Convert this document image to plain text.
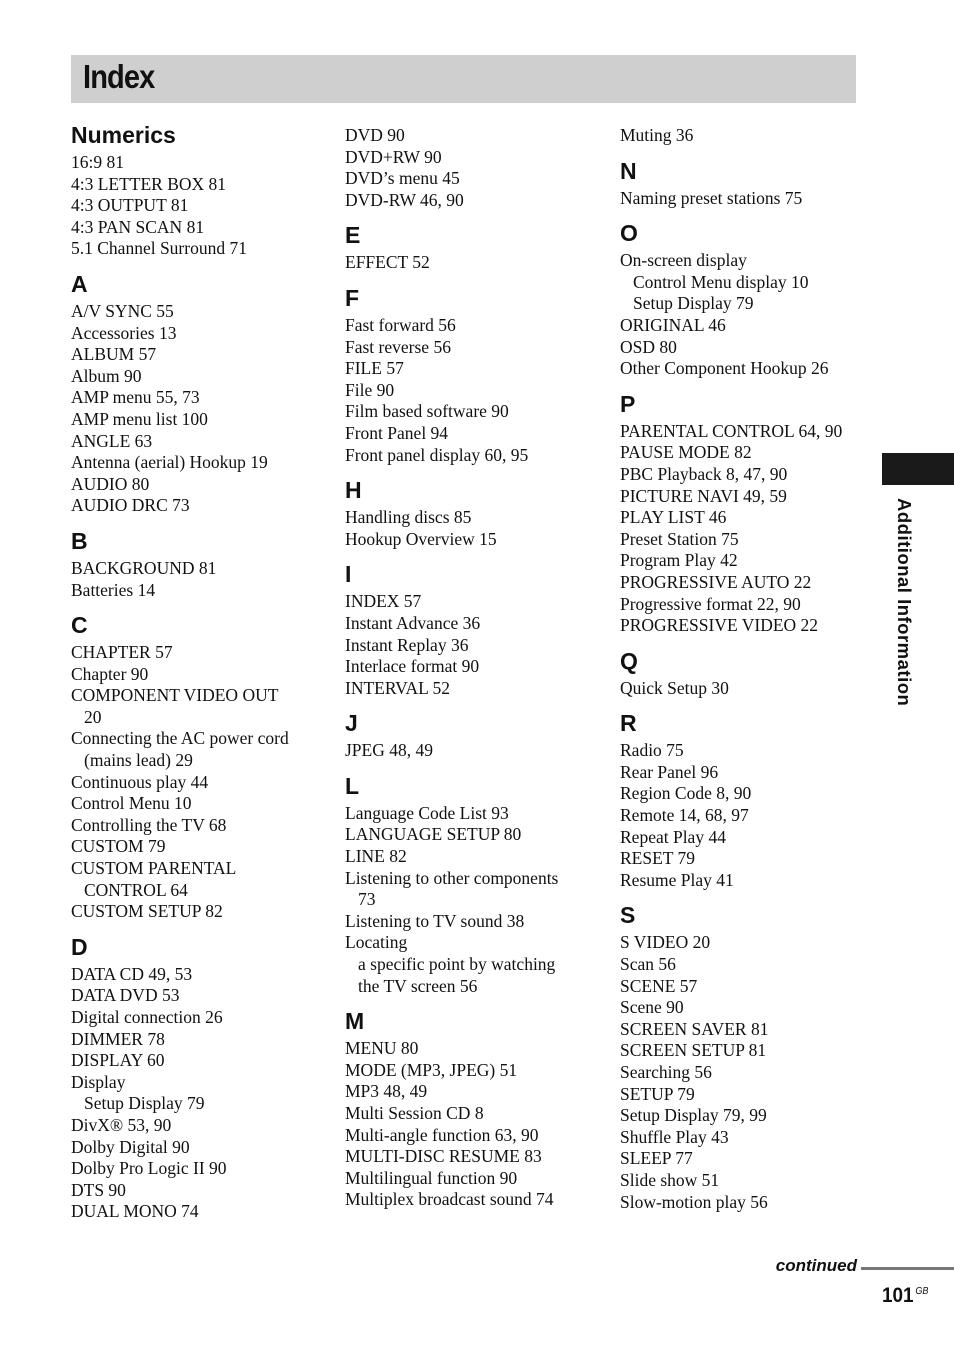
Index
Numerics
16:9 81
4:3 LETTER BOX 81
4:3 OUTPUT 81
4:3 PAN SCAN 81
5.1 Channel Surround 71
A
A/V SYNC 55
Accessories 13
ALBUM 57
Album 90
AMP menu 55, 73
AMP menu list 100
ANGLE 63
Antenna (aerial) Hookup 19
AUDIO 80
AUDIO DRC 73
B
BACKGROUND 81
Batteries 14
C
CHAPTER 57
Chapter 90
COMPONENT VIDEO OUT
20
Connecting the AC power cord
(mains lead) 29
Continuous play 44
Control Menu 10
Controlling the TV 68
CUSTOM 79
CUSTOM PARENTAL
CONTROL 64
CUSTOM SETUP 82
D
DATA CD 49, 53
DATA DVD 53
Digital connection 26
DIMMER 78
DISPLAY 60
Display
Setup Display 79
DivX® 53, 90
Dolby Digital 90
Dolby Pro Logic II 90
DTS 90
DUAL MONO 74
DVD 90
DVD+RW 90
DVD’s menu 45
DVD-RW 46, 90
E
EFFECT 52
F
Fast forward 56
Fast reverse 56
FILE 57
File 90
Film based software 90
Front Panel 94
Front panel display 60, 95
H
Handling discs 85
Hookup Overview 15
I
INDEX 57
Instant Advance 36
Instant Replay 36
Interlace format 90
INTERVAL 52
J
JPEG 48, 49
L
Language Code List 93
LANGUAGE SETUP 80
LINE 82
Listening to other components
73
Listening to TV sound 38
Locating
a specific point by watching
the TV screen 56
M
MENU 80
MODE (MP3, JPEG) 51
MP3 48, 49
Multi Session CD 8
Multi-angle function 63, 90
MULTI-DISC RESUME 83
Multilingual function 90
Multiplex broadcast sound 74
Muting 36
N
Naming preset stations 75
O
On-screen display
Control Menu display 10
Setup Display 79
ORIGINAL 46
OSD 80
Other Component Hookup 26
P
PARENTAL CONTROL 64, 90
PAUSE MODE 82
PBC Playback 8, 47, 90
PICTURE NAVI 49, 59
PLAY LIST 46
Preset Station 75
Program Play 42
PROGRESSIVE AUTO 22
Progressive format 22, 90
PROGRESSIVE VIDEO 22
Q
Quick Setup 30
R
Radio 75
Rear Panel 96
Region Code 8, 90
Remote 14, 68, 97
Repeat Play 44
RESET 79
Resume Play 41
S
S VIDEO 20
Scan 56
SCENE 57
Scene 90
SCREEN SAVER 81
SCREEN SETUP 81
Searching 56
SETUP 79
Setup Display 79, 99
Shuffle Play 43
SLEEP 77
Slide show 51
Slow-motion play 56
Additional Information
continued
101 $^{GB}$
